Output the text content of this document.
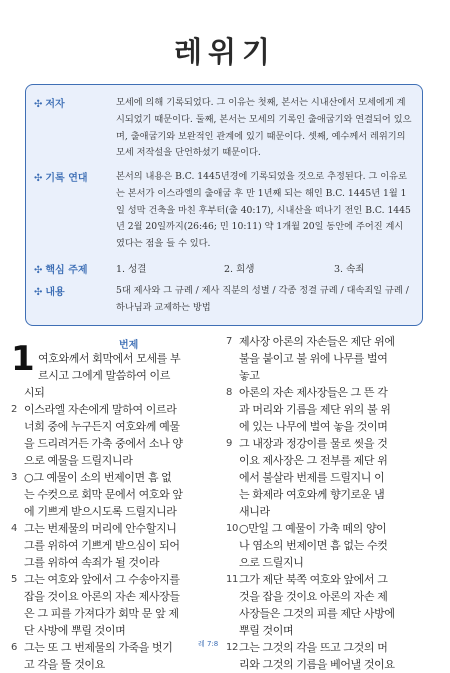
레위기
✣ 저자	모세에 의해 기록되었다. 그 이유는 첫째, 본서는 시내산에서 모세에게 계시되었기 때문이다. 둘째, 본서는 모세의 기록인 출애굽기와 연결되어 있으며, 출애굽기와 보완적인 관계에 있기 때문이다. 셋째, 예수께서 레위기의 모세 저작설을 단언하셨기 때문이다.
✣ 기록 연대	본서의 내용은 B.C. 1445년경에 기록되었을 것으로 추정된다. 그 이유로는 본서가 이스라엘의 출애굽 후 만 1년째 되는 해인 B.C. 1445년 1월 1일 성막 건축을 마친 후부터(출 40:17), 시내산을 떠나기 전인 B.C. 1445년 2월 20일까지(26:46; 민 10:11) 약 1개월 20일 동안에 주어진 계시였다는 점을 들 수 있다.
✣ 핵심 주제	1. 성결	2. 희생	3. 속죄
✣ 내용	5대 제사와 그 규례 / 제사 직분의 성별 / 각종 정결 규례 / 대속죄일 규례 / 하나님과 교제하는 방법
번제
1 여호와께서 회막에서 모세를 부
르시고 그에게 말씀하여 이르
시되
2 이스라엘 자손에게 말하여 이르라
너희 중에 누구든지 여호와께 예물
을 드리려거든 가축 중에서 소나 양
으로 예물을 드릴지니라
3 ○그 예물이 소의 번제이면 흠 없
는 수컷으로 회막 문에서 여호와 앞
에 기쁘게 받으시도록 드릴지니라
4 그는 번제물의 머리에 안수할지니
그를 위하여 기쁘게 받으심이 되어
그를 위하여 속죄가 될 것이라
5 그는 여호와 앞에서 그 수송아지를
잡을 것이요 아론의 자손 제사장들
은 그 피를 가져다가 회막 문 앞 제
단 사방에 뿌릴 것이며
6 그는 또 그 번제물의 가죽을 벗기
고 각을 뜰 것이요
7 제사장 아론의 자손들은 제단 위에
불을 붙이고 불 위에 나무를 벌여
놓고
8 아론의 자손 제사장들은 그 뜬 각
과 머리와 기름을 제단 위의 불 위
에 있는 나무에 벌여 놓을 것이며
9 그 내장과 정강이를 물로 씻을 것
이요 제사장은 그 전부를 제단 위
에서 불살라 번제를 드릴지니 이
는 화제라 여호와께 향기로운 냄
새니라
10 ○만일 그 예물이 가축 떼의 양이
나 염소의 번제이면 흠 없는 수컷
으로 드릴지니
11 그가 제단 북쪽 여호와 앞에서 그
것을 잡을 것이요 아론의 자손 제
사장들은 그것의 피를 제단 사방에
뿌릴 것이며
12 그는 그것의 각을 뜨고 그것의 머
리와 그것의 기름을 베어낼 것이요
레 7:8
